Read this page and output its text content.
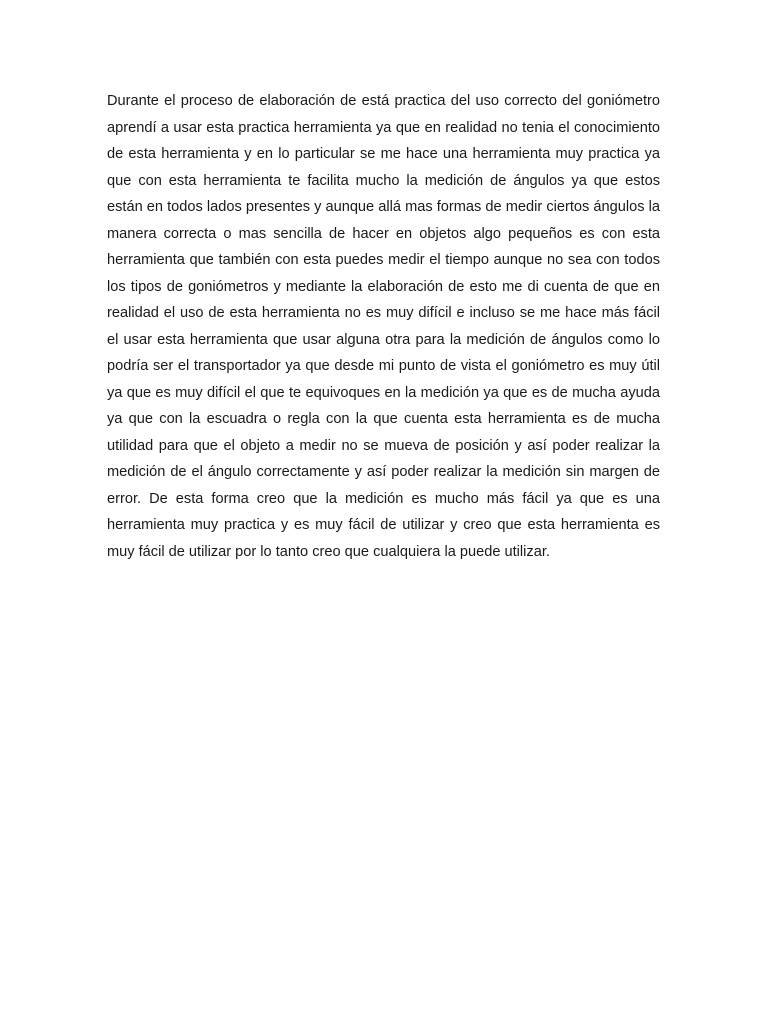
Durante el proceso de elaboración de está practica del uso correcto del goniómetro aprendí a usar esta practica herramienta ya que en realidad no tenia el conocimiento de esta herramienta y en lo particular se me hace una herramienta muy practica ya que con esta herramienta te facilita mucho la medición de ángulos ya que estos están en todos lados presentes y aunque allá mas formas de medir ciertos ángulos la manera correcta o mas sencilla de hacer en objetos algo pequeños es con esta herramienta que también con esta puedes medir el tiempo aunque no sea con todos los tipos de goniómetros y mediante la elaboración de esto me di cuenta de que en realidad el uso de esta herramienta no es muy difícil e incluso se me hace más fácil el usar esta herramienta que usar alguna otra para la medición de ángulos como lo podría ser el transportador ya que desde mi punto de vista el goniómetro es muy útil ya que es muy difícil el que te equivoques en la medición ya que es de mucha ayuda ya que con la escuadra o regla con la que cuenta esta herramienta es de mucha utilidad para que el objeto a medir no se mueva de posición y así poder realizar la medición de el ángulo correctamente y así poder realizar la medición sin margen de error. De esta forma creo que la medición es mucho más fácil ya que es una herramienta muy practica y es muy fácil de utilizar y creo que esta herramienta es muy fácil de utilizar por lo tanto creo que cualquiera la puede utilizar.
